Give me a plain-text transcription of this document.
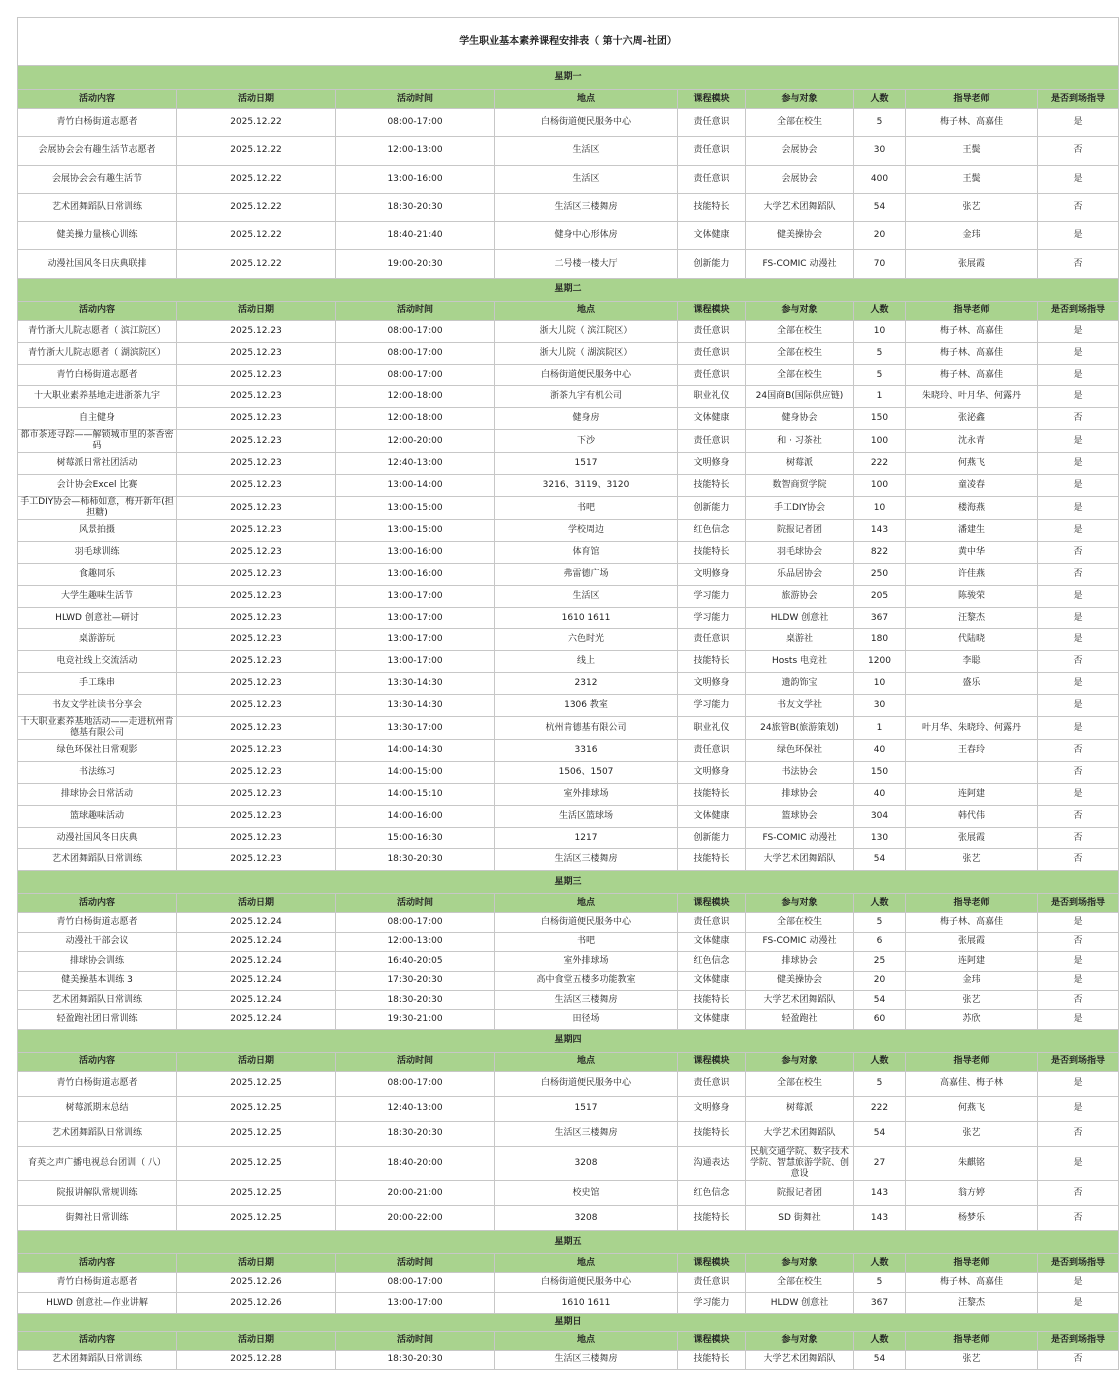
学生职业基本素养课程安排表（ 第十六周-社团）								
星期一								
活动内容	活动日期	活动时间	地点	课程模块	参与对象	人数	指导老师	是否到场指导
青竹白杨街道志愿者	2025.12.22	08:00-17:00	白杨街道便民服务中心	责任意识	全部在校生	5	梅子林、高嘉佳	是
会展协会会有趣生活节志愿者	2025.12.22	12:00-13:00	生活区	责任意识	会展协会	30	王鬓	否
会展协会会有趣生活节	2025.12.22	13:00-16:00	生活区	责任意识	会展协会	400	王鬓	是
艺术团舞蹈队日常训练	2025.12.22	18:30-20:30	生活区三楼舞房	技能特长	大学艺术团舞蹈队	54	张艺	否
健美操力量核心训练	2025.12.22	18:40-21:40	健身中心形体房	文体健康	健美操协会	20	金玮	是
动漫社国风冬日庆典联排	2025.12.22	19:00-20:30	二号楼一楼大厅	创新能力	FS-COMIC 动漫社	70	张展霞	否
星期二								
活动内容	活动日期	活动时间	地点	课程模块	参与对象	人数	指导老师	是否到场指导
青竹浙大儿院志愿者（ 滨江院区）	2025.12.23	08:00-17:00	浙大儿院（ 滨江院区）	责任意识	全部在校生	10	梅子林、高嘉佳	是
青竹浙大儿院志愿者（ 湖滨院区）	2025.12.23	08:00-17:00	浙大儿院（ 湖滨院区）	责任意识	全部在校生	5	梅子林、高嘉佳	是
青竹白杨街道志愿者	2025.12.23	08:00-17:00	白杨街道便民服务中心	责任意识	全部在校生	5	梅子林、高嘉佳	是
十大职业素养基地走进浙茶九宇	2025.12.23	12:00-18:00	浙茶九宇有机公司	职业礼仪	24国商B(国际供应链)	1	朱晓玲、叶月华、何露丹	是
自主健身	2025.12.23	12:00-18:00	健身房	文体健康	健身协会	150	张泌鑫	否
都市茶迹寻踪——解锁城市里的茶香密码	2025.12.23	12:00-20:00	下沙	责任意识	和 · 习茶社	100	沈永青	是
树莓派日常社团活动	2025.12.23	12:40-13:00	1517	文明修身	树莓派	222	何燕飞	是
会计协会Excel 比赛	2025.12.23	13:00-14:00	3216、3119、3120	技能特长	数智商贸学院	100	童凌春	是
手工DIY协会—柿柿如意，梅开新年(担担糖)	2025.12.23	13:00-15:00	书吧	创新能力	手工DIY协会	10	楼海燕	是
风景拍摄	2025.12.23	13:00-15:00	学校周边	红色信念	院报记者团	143	潘建生	是
羽毛球训练	2025.12.23	13:00-16:00	体育馆	技能特长	羽毛球协会	822	黄中华	否
食趣同乐	2025.12.23	13:00-16:00	弗雷德广场	文明修身	乐品居协会	250	许佳燕	否
大学生趣味生活节	2025.12.23	13:00-17:00	生活区	学习能力	旅游协会	205	陈骏荣	是
HLWD 创意社—研讨	2025.12.23	13:00-17:00	1610 1611	学习能力	HLDW 创意社	367	汪黎杰	是
桌游游玩	2025.12.23	13:00-17:00	六色时光	责任意识	桌游社	180	代陆晓	是
电竞社线上交流活动	2025.12.23	13:00-17:00	线上	技能特长	Hosts 电竞社	1200	李聪	否
手工珠串	2025.12.23	13:30-14:30	2312	文明修身	遗韵饰宝	10	盛乐	是
书友文学社读书分享会	2025.12.23	13:30-14:30	1306 教室	学习能力	书友文学社	30		是
十大职业素养基地活动——走进杭州肯德基有限公司	2025.12.23	13:30-17:00	杭州肯德基有限公司	职业礼仪	24旅管B(旅游策划)	1	叶月华、朱晓玲、何露丹	是
绿色环保社日常观影	2025.12.23	14:00-14:30	3316	责任意识	绿色环保社	40	王春玲	否
书法练习	2025.12.23	14:00-15:00	1506、1507	文明修身	书法协会	150		否
排球协会日常活动	2025.12.23	14:00-15:10	室外排球场	技能特长	排球协会	40	连阿建	是
篮球趣味活动	2025.12.23	14:00-16:00	生活区篮球场	文体健康	篮球协会	304	韩代伟	否
动漫社国风冬日庆典	2025.12.23	15:00-16:30	1217	创新能力	FS-COMIC 动漫社	130	张展霞	否
艺术团舞蹈队日常训练	2025.12.23	18:30-20:30	生活区三楼舞房	技能特长	大学艺术团舞蹈队	54	张艺	否
星期三								
活动内容	活动日期	活动时间	地点	课程模块	参与对象	人数	指导老师	是否到场指导
青竹白杨街道志愿者	2025.12.24	08:00-17:00	白杨街道便民服务中心	责任意识	全部在校生	5	梅子林、高嘉佳	是
动漫社干部会议	2025.12.24	12:00-13:00	书吧	文体健康	FS-COMIC 动漫社	6	张展霞	否
排球协会训练	2025.12.24	16:40-20:05	室外排球场	红色信念	排球协会	25	连阿建	是
健美操基本训练 3	2025.12.24	17:30-20:30	高中食堂五楼多功能教室	文体健康	健美操协会	20	金玮	是
艺术团舞蹈队日常训练	2025.12.24	18:30-20:30	生活区三楼舞房	技能特长	大学艺术团舞蹈队	54	张艺	否
轻盈跑社团日常训练	2025.12.24	19:30-21:00	田径场	文体健康	轻盈跑社	60	苏欣	是
星期四								
活动内容	活动日期	活动时间	地点	课程模块	参与对象	人数	指导老师	是否到场指导
青竹白杨街道志愿者	2025.12.25	08:00-17:00	白杨街道便民服务中心	责任意识	全部在校生	5	高嘉佳、梅子林	是
树莓派期末总结	2025.12.25	12:40-13:00	1517	文明修身	树莓派	222	何燕飞	是
艺术团舞蹈队日常训练	2025.12.25	18:30-20:30	生活区三楼舞房	技能特长	大学艺术团舞蹈队	54	张艺	否
育英之声广播电视总台团训（ 八）	2025.12.25	18:40-20:00	3208	沟通表达	民航交通学院、数字技术学院、智慧旅游学院、创意设	27	朱麒铭	是
院报讲解队常规训练	2025.12.25	20:00-21:00	校史馆	红色信念	院报记者团	143	翁方婷	否
街舞社日常训练	2025.12.25	20:00-22:00	3208	技能特长	SD 街舞社	143	杨梦乐	否
星期五								
活动内容	活动日期	活动时间	地点	课程模块	参与对象	人数	指导老师	是否到场指导
青竹白杨街道志愿者	2025.12.26	08:00-17:00	白杨街道便民服务中心	责任意识	全部在校生	5	梅子林、高嘉佳	是
HLWD 创意社—作业讲解	2025.12.26	13:00-17:00	1610 1611	学习能力	HLDW 创意社	367	汪黎杰	是
星期日								
活动内容	活动日期	活动时间	地点	课程模块	参与对象	人数	指导老师	是否到场指导
艺术团舞蹈队日常训练	2025.12.28	18:30-20:30	生活区三楼舞房	技能特长	大学艺术团舞蹈队	54	张艺	否
